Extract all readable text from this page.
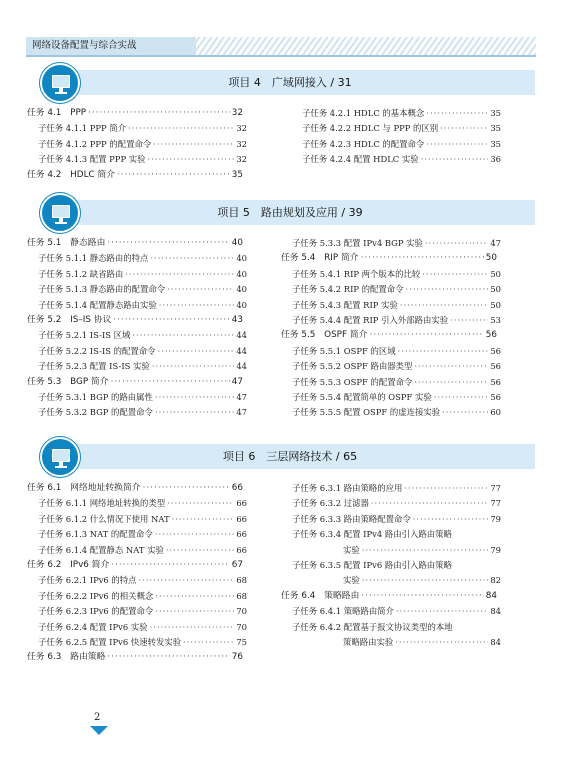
网络设备配置与综合实战
项目 4　广域网接入 / 31
任务 4.1　PPP ·····	32
子任务 4.1.1 PPP 简介 ·····	32
子任务 4.1.2 PPP 的配置命令 ·····	32
子任务 4.1.3 配置 PPP 实验 ·····	32
任务 4.2　HDLC 简介 ·····	35
子任务 4.2.1 HDLC 的基本概念 ·····	35
子任务 4.2.2 HDLC 与 PPP 的区别 ·····	35
子任务 4.2.3 HDLC 的配置命令 ·····	35
子任务 4.2.4 配置 HDLC 实验 ·····	36
项目 5　路由规划及应用 / 39
任务 5.1　静态路由 ·····	40
子任务 5.1.1 静态路由的特点 ·····	40
子任务 5.1.2 缺省路由 ·····	40
子任务 5.1.3 静态路由的配置命令 ·····	40
子任务 5.1.4 配置静态路由实验 ·····	40
任务 5.2　IS–IS 协议 ·····	43
子任务 5.2.1 IS-IS 区域 ·····	44
子任务 5.2.2 IS-IS 的配置命令 ·····	44
子任务 5.2.3 配置 IS-IS 实验 ·····	44
任务 5.3　BGP 简介 ·····	47
子任务 5.3.1 BGP 的路由属性 ·····	47
子任务 5.3.2 BGP 的配置命令 ·····	47
子任务 5.3.3 配置 IPv4 BGP 实验 ·····	47
任务 5.4　RIP 简介 ·····	50
子任务 5.4.1 RIP 两个版本的比较 ·····	50
子任务 5.4.2 RIP 的配置命令 ·····	50
子任务 5.4.3 配置 RIP 实验 ·····	50
子任务 5.4.4 配置 RIP 引入外部路由实验 ·····	53
任务 5.5　OSPF 简介 ·····	56
子任务 5.5.1 OSPF 的区域 ·····	56
子任务 5.5.2 OSPF 路由器类型 ·····	56
子任务 5.5.3 OSPF 的配置命令 ·····	56
子任务 5.5.4 配置简单的 OSPF 实验 ·····	56
子任务 5.5.5 配置 OSPF 的虚连接实验 ·····	60
项目 6　三层网络技术 / 65
任务 6.1　网络地址转换简介 ·····	66
子任务 6.1.1 网络地址转换的类型 ·····	66
子任务 6.1.2 什么情况下使用 NAT ·····	66
子任务 6.1.3 NAT 的配置命令 ·····	66
子任务 6.1.4 配置静态 NAT 实验 ·····	66
任务 6.2　IPv6 简介 ·····	67
子任务 6.2.1 IPv6 的特点 ·····	68
子任务 6.2.2 IPv6 的相关概念 ·····	68
子任务 6.2.3 IPv6 的配置命令 ·····	70
子任务 6.2.4 配置 IPv6 实验 ·····	70
子任务 6.2.5 配置 IPv6 快速转发实验 ·····	75
任务 6.3　路由策略 ·····	76
子任务 6.3.1 路由策略的应用 ·····	77
子任务 6.3.2 过滤器 ·····	77
子任务 6.3.3 路由策略配置命令 ·····	79
子任务 6.3.4 配置 IPv4 路由引入路由策略
实验 ·····	79
子任务 6.3.5 配置 IPv6 路由引入路由策略
实验 ·····	82
任务 6.4　策略路由 ·····	84
子任务 6.4.1 策略路由简介 ·····	84
子任务 6.4.2 配置基于报文协议类型的本地
策略路由实验 ·····	84
2
